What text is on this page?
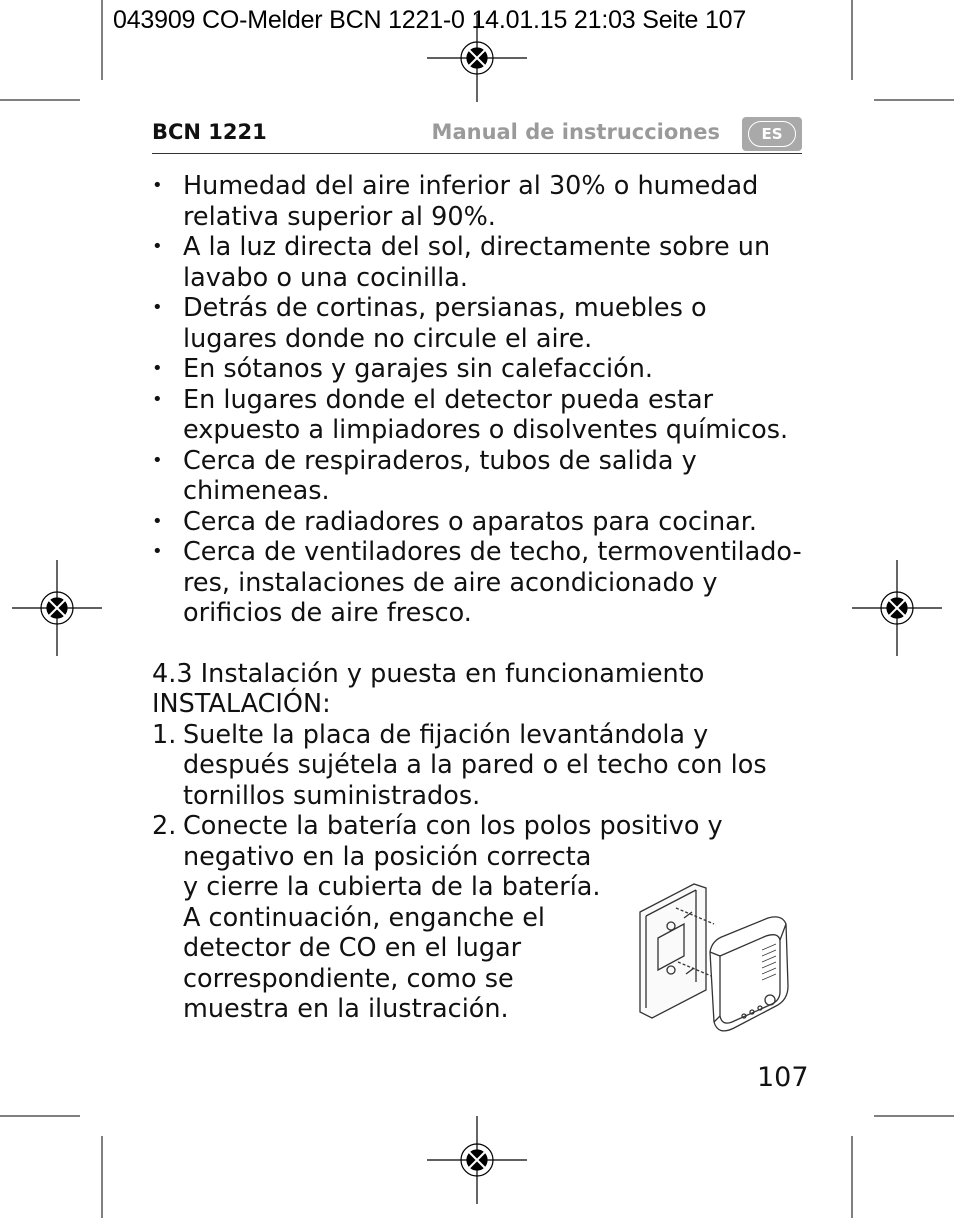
043909 CO-Melder BCN 1221-0 14.01.15 21:03 Seite 107
BCN 1221	Manual de instrucciones	ES
• Humedad del aire inferior al 30% o humedad
relativa superior al 90%.
• A la luz directa del sol, directamente sobre un
lavabo o una cocinilla.
• Detrás de cortinas, persianas, muebles o
lugares donde no circule el aire.
• En sótanos y garajes sin calefacción.
• En lugares donde el detector pueda estar
expuesto a limpiadores o disolventes químicos.
• Cerca de respiraderos, tubos de salida y
chimeneas.
• Cerca de radiadores o aparatos para cocinar.
• Cerca de ventiladores de techo, termoventilado-
res, instalaciones de aire acondicionado y
orificios de aire fresco.
4.3 Instalación y puesta en funcionamiento
INSTALACIÓN:
1. Suelte la placa de fijación levantándola y
después sujételа a la pared o el techo con los
tornillos suministrados.
2. Conecte la batería con los polos positivo y
negativo en la posición correcta
y cierre la cubierta de la batería.
A continuación, enganche el
detector de CO en el lugar
correspondiente, como se
muestra en la ilustración.
107
